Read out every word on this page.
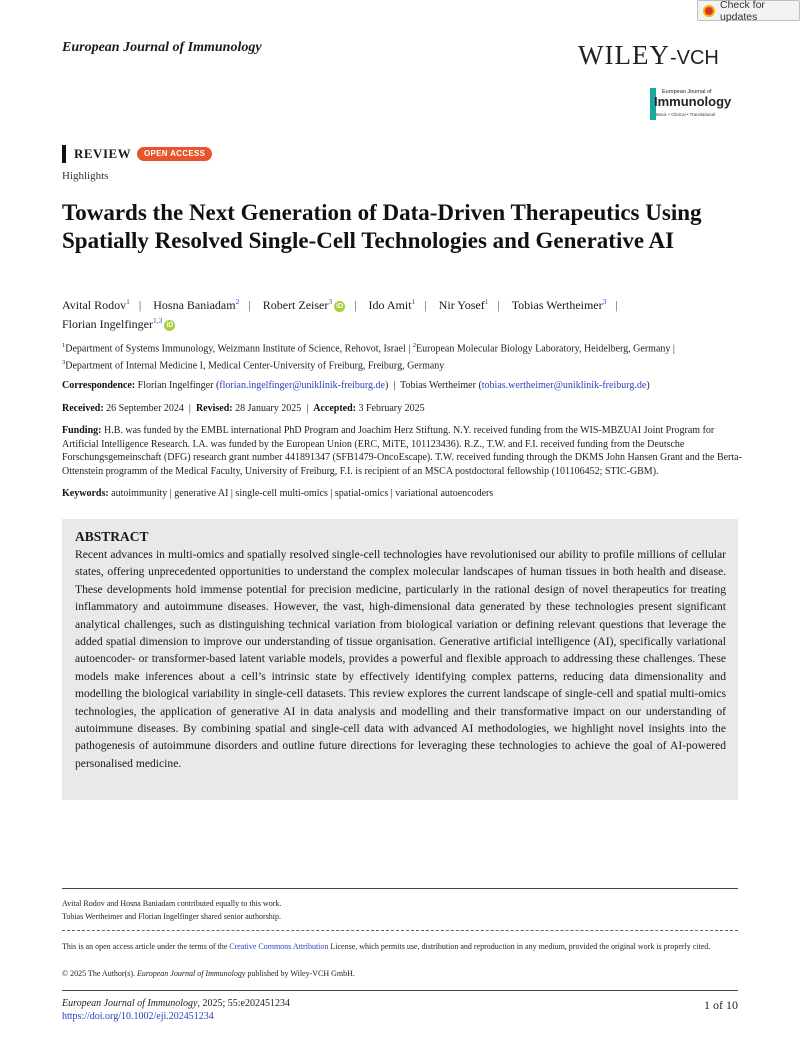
Check for updates
European Journal of Immunology	WILEY-VCH
European Journal of
Immunology
Basic • Clinical • Translational
REVIEW	OPEN ACCESS
Highlights
Towards the Next Generation of Data-Driven Therapeutics Using Spatially Resolved Single-Cell Technologies and Generative AI
Avital Rodov$^1$ | Hosna Baniadam$^2$ | Robert Zeiser$^3$iD | Ido Amit$^1$ | Nir Yosef$^1$ | Tobias Wertheimer$^3$ |
Florian Ingelfinger$^{1,3}$iD
$^1$Department of Systems Immunology, Weizmann Institute of Science, Rehovot, Israel | $^2$European Molecular Biology Laboratory, Heidelberg, Germany |
$^3$Department of Internal Medicine I, Medical Center-University of Freiburg, Freiburg, Germany
Correspondence: Florian Ingelfinger (florian.ingelfinger@uniklinik-freiburg.de)  | Tobias Wertheimer (tobias.wertheimer@uniklinik-freiburg.de)
Received: 26 September 2024 | Revised: 28 January 2025 | Accepted: 3 February 2025
Funding: H.B. was funded by the EMBL international PhD Program and Joachim Herz Stiftung. N.Y. received funding from the WIS-MBZUAI Joint Program for Artificial Intelligence Research. I.A. was funded by the European Union (ERC, MiTE, 101123436). R.Z., T.W. and F.I. received funding from the Deutsche Forschungsgemeinschaft (DFG) research grant number 441891347 (SFB1479-OncoEscape). T.W. received funding through the DKMS John Hansen Grant and the Berta-Ottenstein programm of the Medical Faculty, University of Freiburg, F.I. is recipient of an MSCA postdoctoral fellowship (101106452; STIC-GBM).
Keywords: autoimmunity | generative AI | single-cell multi-omics | spatial-omics | variational autoencoders
ABSTRACT
Recent advances in multi-omics and spatially resolved single-cell technologies have revolutionised our ability to profile millions of cellular states, offering unprecedented opportunities to understand the complex molecular landscapes of human tissues in both health and disease. These developments hold immense potential for precision medicine, particularly in the rational design of novel therapeutics for treating inflammatory and autoimmune diseases. However, the vast, high-dimensional data generated by these technologies present significant analytical challenges, such as distinguishing technical variation from biological variation or defining relevant questions that leverage the added spatial dimension to improve our understanding of tissue organisation. Generative artificial intelligence (AI), specifically variational autoencoder- or transformer-based latent variable models, provides a powerful and flexible approach to addressing these challenges. These models make inferences about a cell’s intrinsic state by effectively identifying complex patterns, reducing data dimensionality and modelling the biological variability in single-cell datasets. This review explores the current landscape of single-cell and spatial multi-omics technologies, the application of generative AI in data analysis and modelling and their transformative impact on our understanding of autoimmune diseases. By combining spatial and single-cell data with advanced AI methodologies, we highlight novel insights into the pathogenesis of autoimmune disorders and outline future directions for leveraging these technologies to achieve the goal of AI-powered personalised medicine.
Avital Rodov and Hosna Baniadam contributed equally to this work.
Tobias Wertheimer and Florian Ingelfinger shared senior authorship.
This is an open access article under the terms of the Creative Commons Attribution License, which permits use, distribution and reproduction in any medium, provided the original work is properly cited.
© 2025 The Author(s). European Journal of Immunology published by Wiley-VCH GmbH.
European Journal of Immunology, 2025; 55:e202451234
https://doi.org/10.1002/eji.202451234
1 of 10
